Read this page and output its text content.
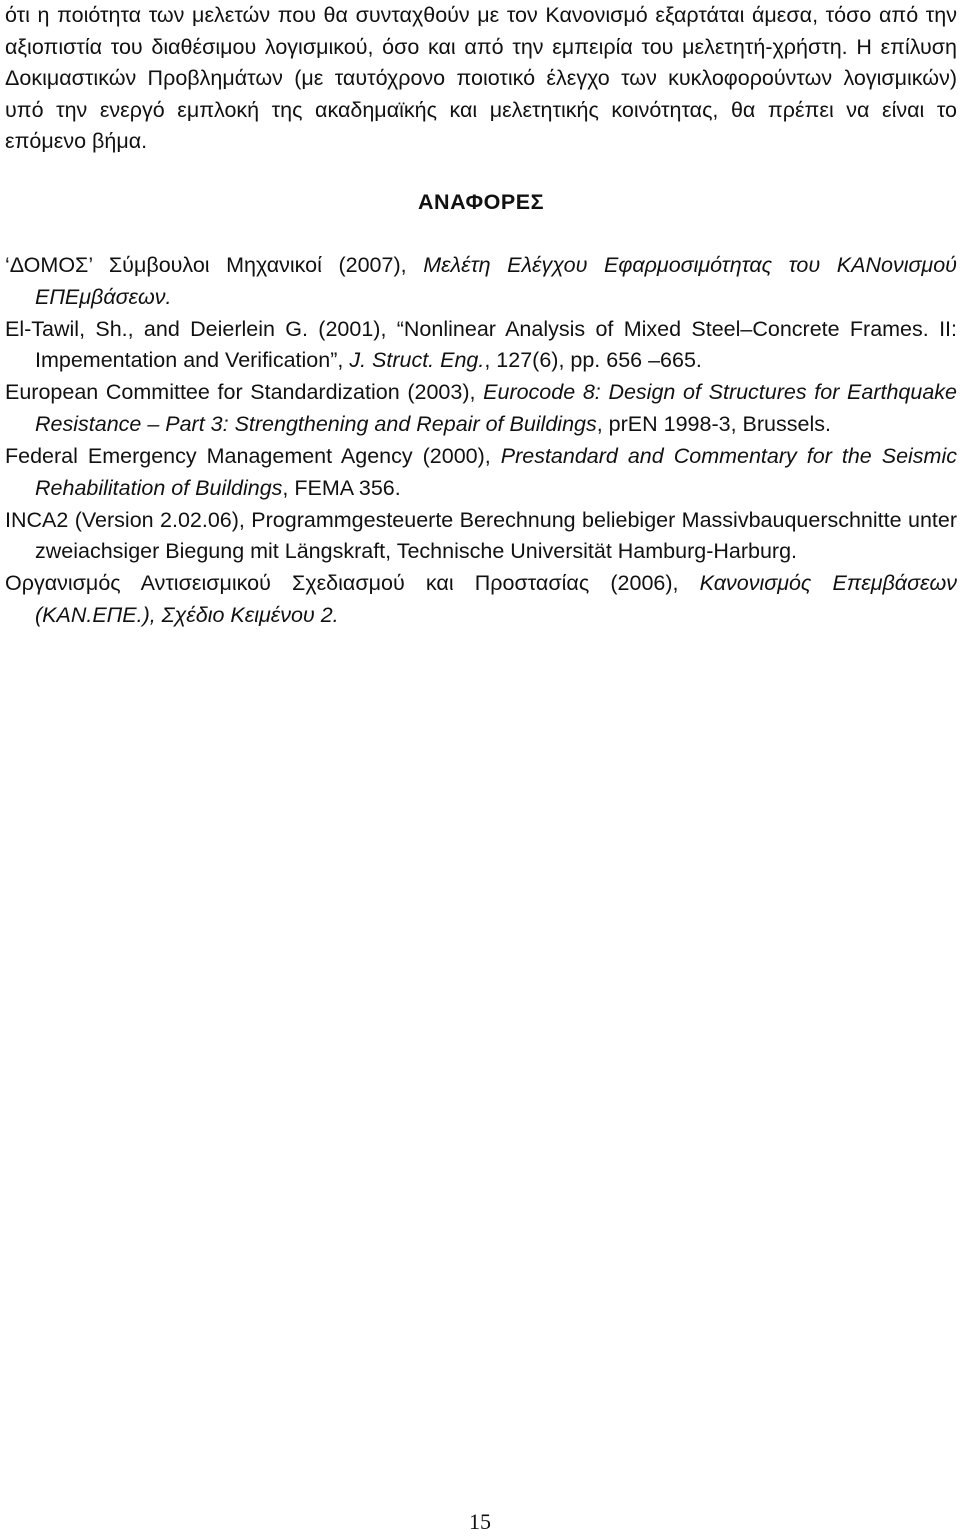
ότι η ποιότητα των μελετών που θα συνταχθούν με τον Κανονισμό εξαρτάται άμεσα, τόσο από την αξιοπιστία του διαθέσιμου λογισμικού, όσο και από την εμπειρία του μελετητή-χρήστη. Η επίλυση Δοκιμαστικών Προβλημάτων (με ταυτόχρονο ποιοτικό έλεγχο των κυκλοφορούντων λογισμικών) υπό την ενεργό εμπλοκή της ακαδημαϊκής και μελετητικής κοινότητας, θα πρέπει να είναι το επόμενο βήμα.

ΑΝΑΦΟΡΕΣ
‘ΔΟΜΟΣ’ Σύμβουλοι Μηχανικοί (2007), Μελέτη Ελέγχου Εφαρμοσιμότητας του ΚΑΝονισμού ΕΠΕμβάσεων.
El-Tawil, Sh., and Deierlein G. (2001), “Nonlinear Analysis of Mixed Steel–Concrete Frames. II: Impementation and Verification”, J. Struct. Eng., 127(6), pp. 656 –665.
European Committee for Standardization (2003), Eurocode 8: Design of Structures for Earthquake Resistance – Part 3: Strengthening and Repair of Buildings, prEN 1998-3, Brussels.
Federal Emergency Management Agency (2000), Prestandard and Commentary for the Seismic Rehabilitation of Buildings, FEMA 356.
INCA2 (Version 2.02.06), Programmgesteuerte Berechnung beliebiger Massivbauquerschnitte unter zweiachsiger Biegung mit Längskraft, Technische Universität Hamburg-Harburg.
Οργανισμός Αντισεισμικού Σχεδιασμού και Προστασίας (2006), Κανονισμός Επεμβάσεων (ΚΑΝ.ΕΠΕ.), Σχέδιο Κειμένου 2.
15
